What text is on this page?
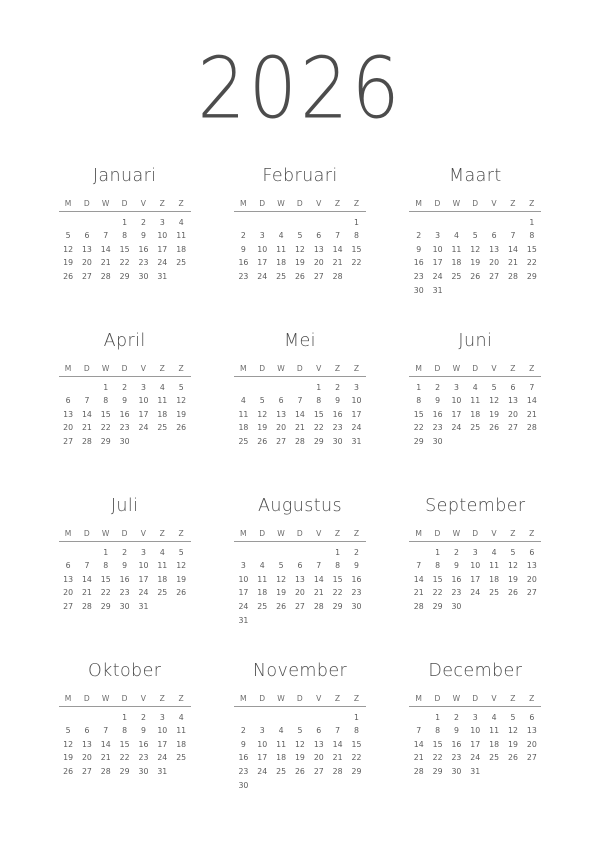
2026
Januari
M	D	W	D	V	Z	Z
			1	2	3	4
5	6	7	8	9	10	11
12	13	14	15	16	17	18
19	20	21	22	23	24	25
26	27	28	29	30	31	
Februari
M	D	W	D	V	Z	Z
						1
2	3	4	5	6	7	8
9	10	11	12	13	14	15
16	17	18	19	20	21	22
23	24	25	26	27	28	
Maart
M	D	W	D	V	Z	Z
						1
2	3	4	5	6	7	8
9	10	11	12	13	14	15
16	17	18	19	20	21	22
23	24	25	26	27	28	29
30	31					
April
M	D	W	D	V	Z	Z
		1	2	3	4	5
6	7	8	9	10	11	12
13	14	15	16	17	18	19
20	21	22	23	24	25	26
27	28	29	30			
Mei
M	D	W	D	V	Z	Z
				1	2	3
4	5	6	7	8	9	10
11	12	13	14	15	16	17
18	19	20	21	22	23	24
25	26	27	28	29	30	31
Juni
M	D	W	D	V	Z	Z
1	2	3	4	5	6	7
8	9	10	11	12	13	14
15	16	17	18	19	20	21
22	23	24	25	26	27	28
29	30					
Juli
M	D	W	D	V	Z	Z
		1	2	3	4	5
6	7	8	9	10	11	12
13	14	15	16	17	18	19
20	21	22	23	24	25	26
27	28	29	30	31		
Augustus
M	D	W	D	V	Z	Z
					1	2
3	4	5	6	7	8	9
10	11	12	13	14	15	16
17	18	19	20	21	22	23
24	25	26	27	28	29	30
31						
September
M	D	W	D	V	Z	Z
	1	2	3	4	5	6
7	8	9	10	11	12	13
14	15	16	17	18	19	20
21	22	23	24	25	26	27
28	29	30				
Oktober
M	D	W	D	V	Z	Z
			1	2	3	4
5	6	7	8	9	10	11
12	13	14	15	16	17	18
19	20	21	22	23	24	25
26	27	28	29	30	31	
November
M	D	W	D	V	Z	Z
						1
2	3	4	5	6	7	8
9	10	11	12	13	14	15
16	17	18	19	20	21	22
23	24	25	26	27	28	29
30						
December
M	D	W	D	V	Z	Z
	1	2	3	4	5	6
7	8	9	10	11	12	13
14	15	16	17	18	19	20
21	22	23	24	25	26	27
28	29	30	31			
